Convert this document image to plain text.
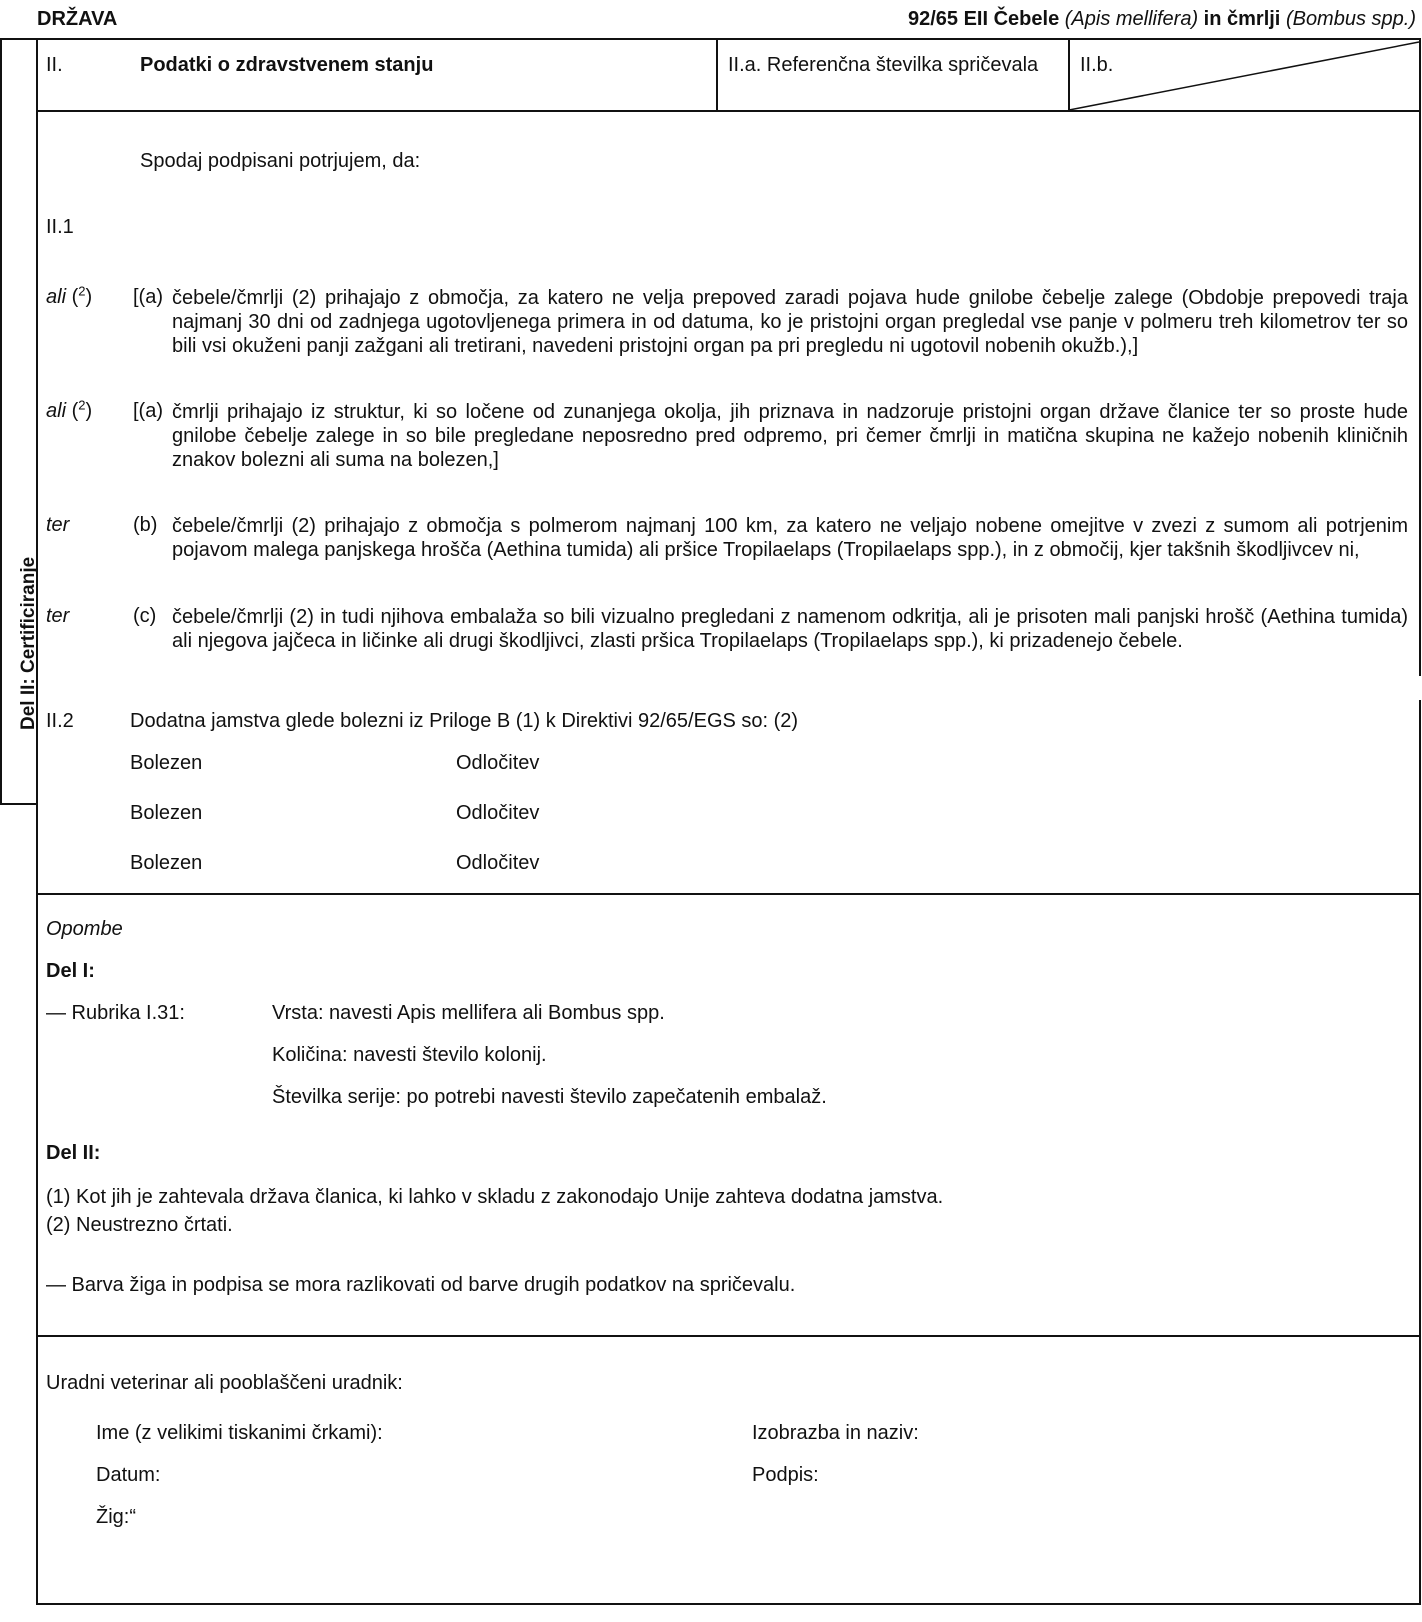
DRŽAVA	92/65 EII Čebele (Apis mellifera) in čmrlji (Bombus spp.)
Del II: Certificiranje
II.	Podatki o zdravstvenem stanju	II.a. Referenčna številka spričevala II.b.
Spodaj podpisani potrjujem, da:
II.1
ali ($^2$) [(a) čebele/čmrlji (2) prihajajo z območja, za katero ne velja prepoved zaradi pojava hude gnilobe čebelje zalege (Obdobje prepovedi traja najmanj 30 dni od zadnjega ugotovljenega primera in od datuma, ko je pristojni organ pregledal vse panje v polmeru treh kilometrov ter so bili vsi okuženi panji zažgani ali tretirani, navedeni pristojni organ pa pri pregledu ni ugotovil nobenih okužb.),]
ali ($^2$) [(a) čmrlji prihajajo iz struktur, ki so ločene od zunanjega okolja, jih priznava in nadzoruje pristojni organ države članice ter so proste hude gnilobe čebelje zalege in so bile pregledane neposredno pred odpremo, pri čemer čmrlji in matična skupina ne kažejo nobenih kliničnih znakov bolezni ali suma na bolezen,]
ter	(b) čebele/čmrlji (2) prihajajo z območja s polmerom najmanj 100 km, za katero ne veljajo nobene omejitve v zvezi z sumom ali potrjenim pojavom malega panjskega hrošča (Aethina tumida) ali pršice Tropilaelaps (Tropilaelaps spp.), in z območij, kjer takšnih škodljivcev ni,
ter	(c) čebele/čmrlji (2) in tudi njihova embalaža so bili vizualno pregledani z namenom odkritja, ali je prisoten mali panjski hrošč (Aethina tumida) ali njegova jajčeca in ličinke ali drugi škodljivci, zlasti pršica Tropilaelaps (Tropilaelaps spp.), ki prizadenejo čebele.
II.2	Dodatna jamstva glede bolezni iz Priloge B (1) k Direktivi 92/65/EGS so: (2)
Bolezen	Odločitev
Bolezen	Odločitev
Bolezen	Odločitev
Opombe
Del I:
— Rubrika I.31:	Vrsta: navesti Apis mellifera ali Bombus spp.
Količina: navesti število kolonij.
Številka serije: po potrebi navesti število zapečatenih embalaž.
Del II:
(1) Kot jih je zahtevala država članica, ki lahko v skladu z zakonodajo Unije zahteva dodatna jamstva.
(2) Neustrezno črtati.
— Barva žiga in podpisa se mora razlikovati od barve drugih podatkov na spričevalu.
Uradni veterinar ali pooblaščeni uradnik:
Ime (z velikimi tiskanimi črkami):	Izobrazba in naziv:
Datum:	Podpis:
Žig:“
